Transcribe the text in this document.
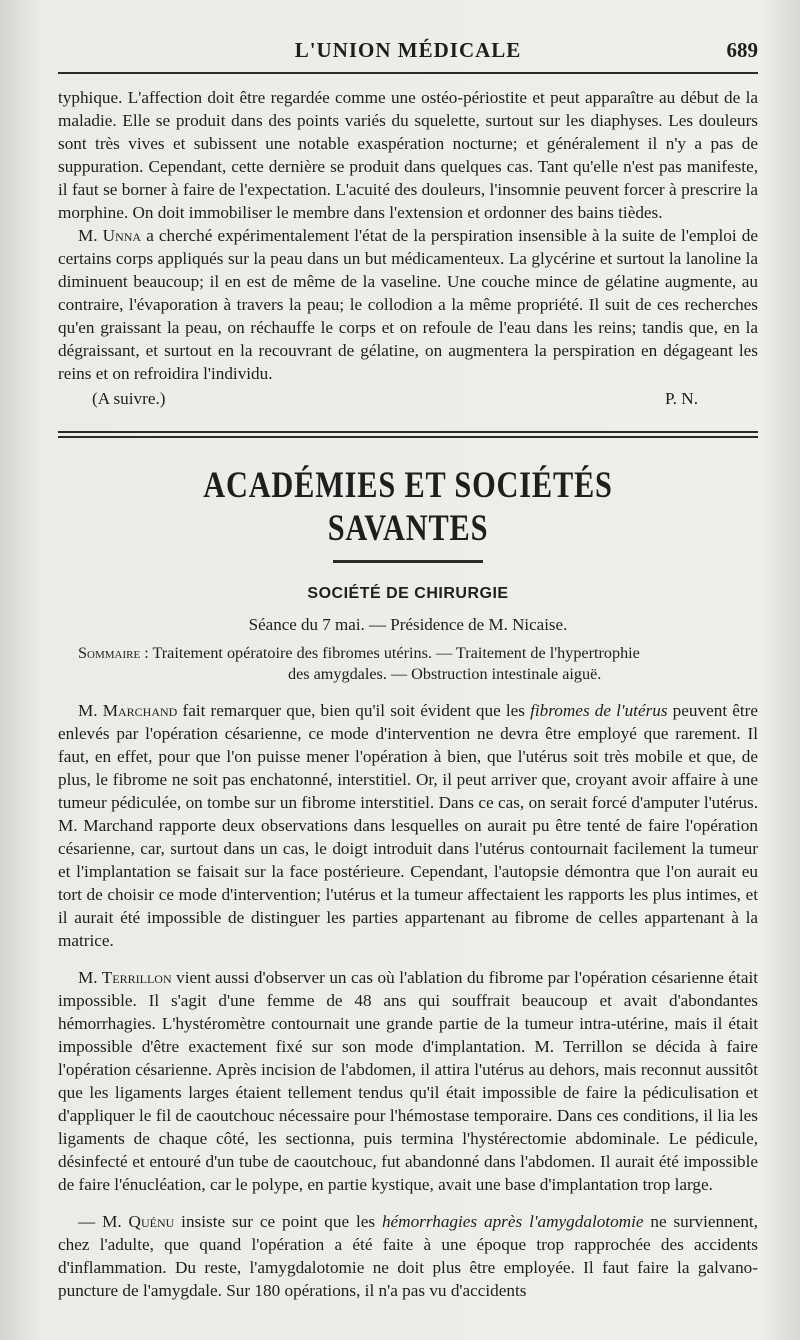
L'UNION MÉDICALE	689

typhique. L'affection doit être regardée comme une ostéo-périostite et peut apparaître au début de la maladie. Elle se produit dans des points variés du squelette, surtout sur les diaphyses. Les douleurs sont très vives et subissent une notable exaspération nocturne; et généralement il n'y a pas de suppuration. Cependant, cette dernière se produit dans quelques cas. Tant qu'elle n'est pas manifeste, il faut se borner à faire de l'expectation. L'acuité des douleurs, l'insomnie peuvent forcer à prescrire la morphine. On doit immobiliser le membre dans l'extension et ordonner des bains tièdes.

M. Unna a cherché expérimentalement l'état de la perspiration insensible à la suite de l'emploi de certains corps appliqués sur la peau dans un but médicamenteux. La glycérine et surtout la lanoline la diminuent beaucoup; il en est de même de la vaseline. Une couche mince de gélatine augmente, au contraire, l'évaporation à travers la peau; le collodion a la même propriété. Il suit de ces recherches qu'en graissant la peau, on réchauffe le corps et on refoule de l'eau dans les reins; tandis que, en la dégraissant, et surtout en la recouvrant de gélatine, on augmentera la perspiration en dégageant les reins et on refroidira l'individu.

(A suivre.)	P. N.
ACADÉMIES ET SOCIÉTÉS SAVANTES
SOCIÉTÉ DE CHIRURGIE
Séance du 7 mai. — Présidence de M. Nicaise.
Sommaire : Traitement opératoire des fibromes utérins. — Traitement de l'hypertrophie
des amygdales. — Obstruction intestinale aiguë.

M. Marchand fait remarquer que, bien qu'il soit évident que les fibromes de l'utérus peuvent être enlevés par l'opération césarienne, ce mode d'intervention ne devra être employé que rarement. Il faut, en effet, pour que l'on puisse mener l'opération à bien, que l'utérus soit très mobile et que, de plus, le fibrome ne soit pas enchatonné, interstitiel. Or, il peut arriver que, croyant avoir affaire à une tumeur pédiculée, on tombe sur un fibrome interstitiel. Dans ce cas, on serait forcé d'amputer l'utérus. M. Marchand rapporte deux observations dans lesquelles on aurait pu être tenté de faire l'opération césarienne, car, surtout dans un cas, le doigt introduit dans l'utérus contournait facilement la tumeur et l'implantation se faisait sur la face postérieure. Cependant, l'autopsie démontra que l'on aurait eu tort de choisir ce mode d'intervention; l'utérus et la tumeur affectaient les rapports les plus intimes, et il aurait été impossible de distinguer les parties appartenant au fibrome de celles appartenant à la matrice.

M. Terrillon vient aussi d'observer un cas où l'ablation du fibrome par l'opération césarienne était impossible. Il s'agit d'une femme de 48 ans qui souffrait beaucoup et avait d'abondantes hémorrhagies. L'hystéromètre contournait une grande partie de la tumeur intra-utérine, mais il était impossible d'être exactement fixé sur son mode d'implantation. M. Terrillon se décida à faire l'opération césarienne. Après incision de l'abdomen, il attira l'utérus au dehors, mais reconnut aussitôt que les ligaments larges étaient tellement tendus qu'il était impossible de faire la pédiculisation et d'appliquer le fil de caoutchouc nécessaire pour l'hémostase temporaire. Dans ces conditions, il lia les ligaments de chaque côté, les sectionna, puis termina l'hystérectomie abdominale. Le pédicule, désinfecté et entouré d'un tube de caoutchouc, fut abandonné dans l'abdomen. Il aurait été impossible de faire l'énucléation, car le polype, en partie kystique, avait une base d'implantation trop large.

— M. Quénu insiste sur ce point que les hémorrhagies après l'amygdalotomie ne surviennent, chez l'adulte, que quand l'opération a été faite à une époque trop rapprochée des accidents d'inflammation. Du reste, l'amygdalotomie ne doit plus être employée. Il faut faire la galvano-puncture de l'amygdale. Sur 180 opérations, il n'a pas vu d'accidents
